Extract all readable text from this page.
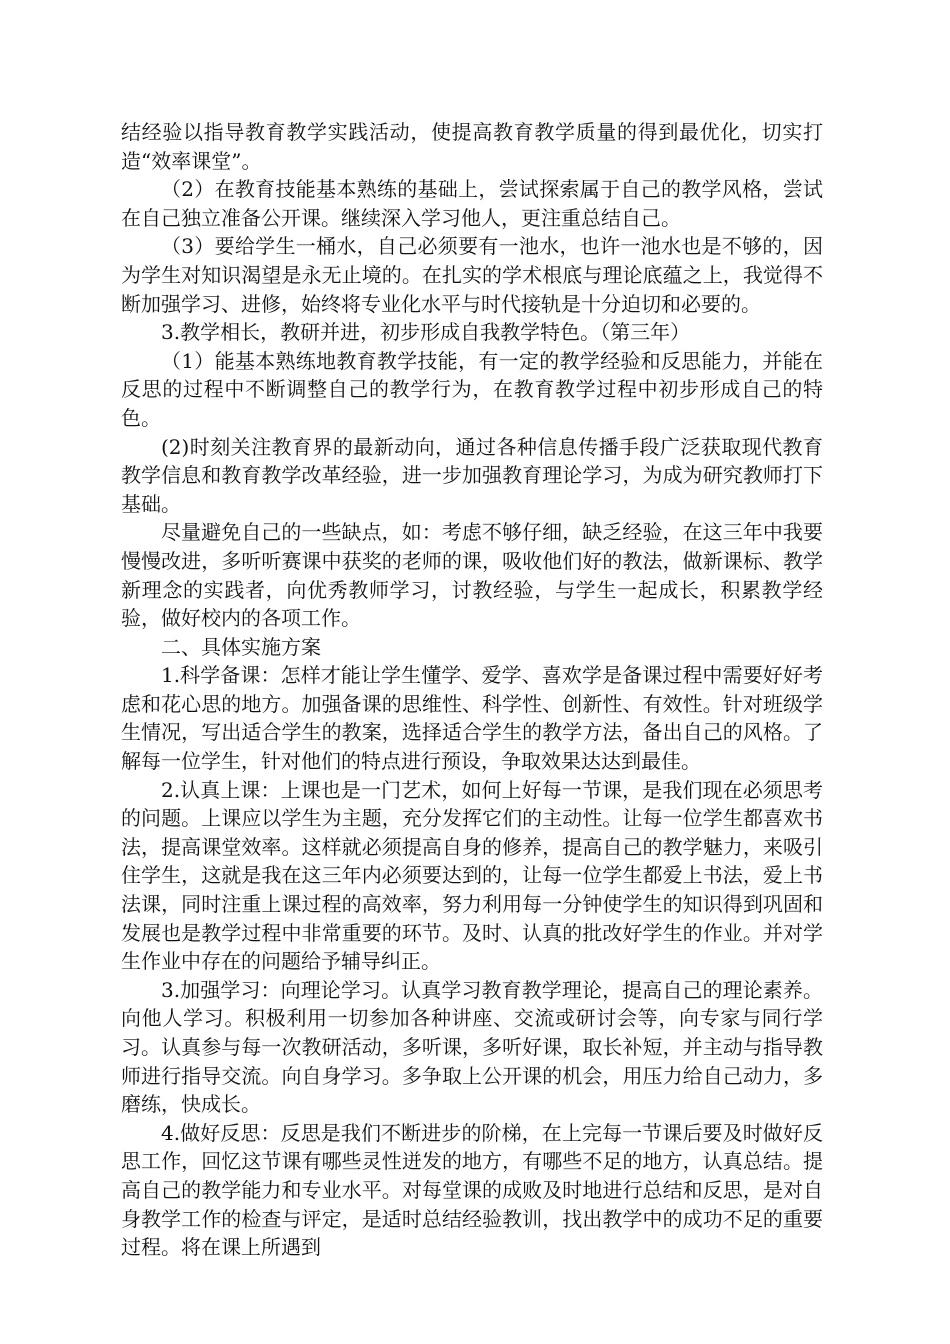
结经验以指导教育教学实践活动，使提高教育教学质量的得到最优化，切实打造“效率课堂”。

（2）在教育技能基本熟练的基础上，尝试探索属于自己的教学风格，尝试在自己独立准备公开课。继续深入学习他人，更注重总结自己。

（3）要给学生一桶水，自己必须要有一池水，也许一池水也是不够的，因为学生对知识渴望是永无止境的。在扎实的学术根底与理论底蕴之上，我觉得不断加强学习、进修，始终将专业化水平与时代接轨是十分迫切和必要的。

3.教学相长，教研并进，初步形成自我教学特色。（第三年）

（1）能基本熟练地教育教学技能，有一定的教学经验和反思能力，并能在反思的过程中不断调整自己的教学行为，在教育教学过程中初步形成自己的特色。

(2)时刻关注教育界的最新动向，通过各种信息传播手段广泛获取现代教育教学信息和教育教学改革经验，进一步加强教育理论学习，为成为研究教师打下基础。

尽量避免自己的一些缺点，如：考虑不够仔细，缺乏经验，在这三年中我要慢慢改进，多听听赛课中获奖的老师的课，吸收他们好的教法，做新课标、教学新理念的实践者，向优秀教师学习，讨教经验，与学生一起成长，积累教学经验，做好校内的各项工作。

二、具体实施方案

1.科学备课：怎样才能让学生懂学、爱学、喜欢学是备课过程中需要好好考虑和花心思的地方。加强备课的思维性、科学性、创新性、有效性。针对班级学生情况，写出适合学生的教案，选择适合学生的教学方法，备出自己的风格。了解每一位学生，针对他们的特点进行预设，争取效果达达到最佳。

2.认真上课：上课也是一门艺术，如何上好每一节课，是我们现在必须思考的问题。上课应以学生为主题，充分发挥它们的主动性。让每一位学生都喜欢书法，提高课堂效率。这样就必须提高自身的修养，提高自己的教学魅力，来吸引住学生，这就是我在这三年内必须要达到的，让每一位学生都爱上书法，爱上书法课，同时注重上课过程的高效率，努力利用每一分钟使学生的知识得到巩固和发展也是教学过程中非常重要的环节。及时、认真的批改好学生的作业。并对学生作业中存在的问题给予辅导纠正。

3.加强学习：向理论学习。认真学习教育教学理论，提高自己的理论素养。向他人学习。积极利用一切参加各种讲座、交流或研讨会等，向专家与同行学习。认真参与每一次教研活动，多听课，多听好课，取长补短，并主动与指导教师进行指导交流。向自身学习。多争取上公开课的机会，用压力给自己动力，多磨练，快成长。

4.做好反思：反思是我们不断进步的阶梯，在上完每一节课后要及时做好反思工作，回忆这节课有哪些灵性迸发的地方，有哪些不足的地方，认真总结。提高自己的教学能力和专业水平。对每堂课的成败及时地进行总结和反思，是对自身教学工作的检查与评定，是适时总结经验教训，找出教学中的成功不足的重要过程。将在课上所遇到
